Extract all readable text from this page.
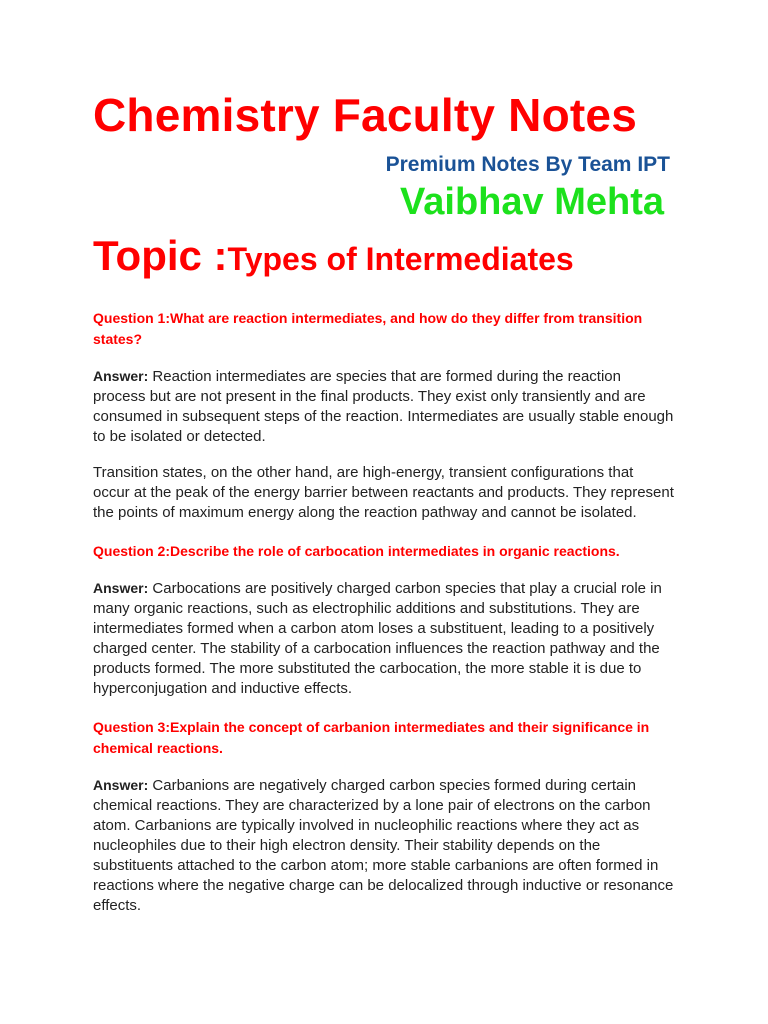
Chemistry Faculty Notes
Premium Notes By Team IPT
Vaibhav Mehta
Topic :Types of Intermediates
Question 1:What are reaction intermediates, and how do they differ from transition states?

Answer: Reaction intermediates are species that are formed during the reaction process but are not present in the final products. They exist only transiently and are consumed in subsequent steps of the reaction. Intermediates are usually stable enough to be isolated or detected.

Transition states, on the other hand, are high-energy, transient configurations that occur at the peak of the energy barrier between reactants and products. They represent the points of maximum energy along the reaction pathway and cannot be isolated.

Question 2:Describe the role of carbocation intermediates in organic reactions.

Answer: Carbocations are positively charged carbon species that play a crucial role in many organic reactions, such as electrophilic additions and substitutions. They are intermediates formed when a carbon atom loses a substituent, leading to a positively charged center. The stability of a carbocation influences the reaction pathway and the products formed. The more substituted the carbocation, the more stable it is due to hyperconjugation and inductive effects.

Question 3:Explain the concept of carbanion intermediates and their significance in chemical reactions.

Answer: Carbanions are negatively charged carbon species formed during certain chemical reactions. They are characterized by a lone pair of electrons on the carbon atom. Carbanions are typically involved in nucleophilic reactions where they act as nucleophiles due to their high electron density. Their stability depends on the substituents attached to the carbon atom; more stable carbanions are often formed in reactions where the negative charge can be delocalized through inductive or resonance effects.
